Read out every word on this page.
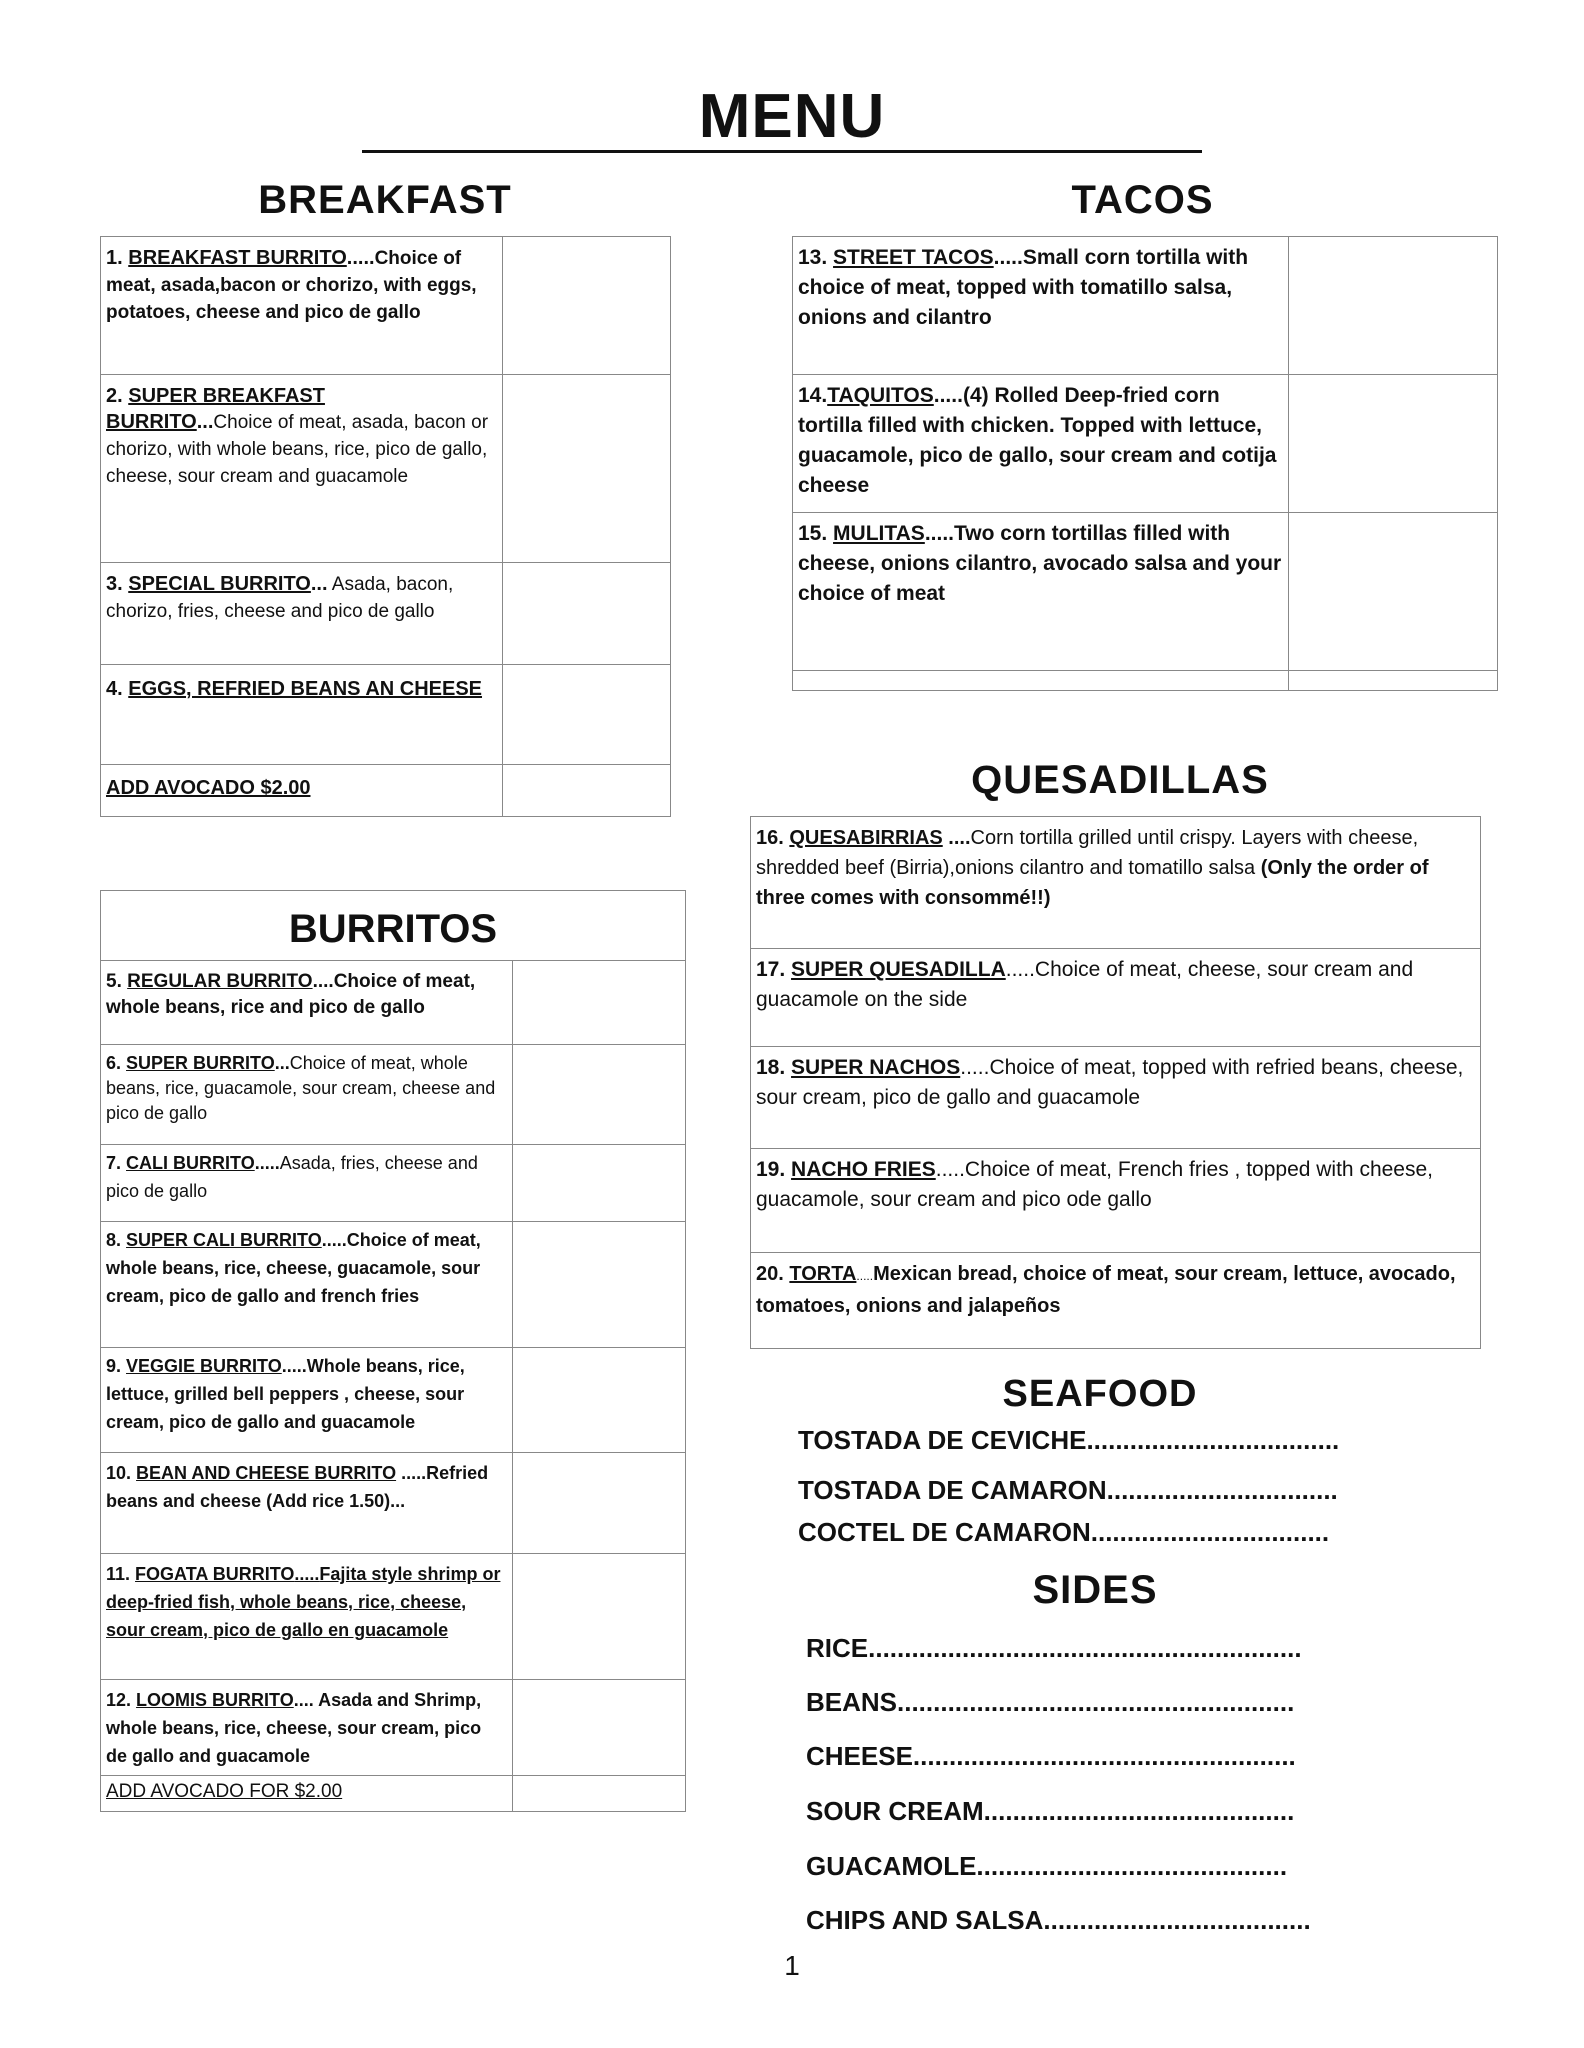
MENU
BREAKFAST
1. BREAKFAST BURRITO.....Choice of meat, asada,bacon or chorizo, with eggs, potatoes, cheese and pico de gallo	
2. SUPER BREAKFAST BURRITO...Choice of meat, asada, bacon or chorizo, with whole beans, rice, pico de gallo, cheese, sour cream and guacamole	
3. SPECIAL BURRITO... Asada, bacon, chorizo, fries, cheese and pico de gallo	
4. EGGS, REFRIED BEANS AN CHEESE	
ADD AVOCADO $2.00	
BURRITOS
5. REGULAR BURRITO....Choice of meat, whole beans, rice and pico de gallo	
6. SUPER BURRITO...Choice of meat, whole beans, rice, guacamole, sour cream, cheese and pico de gallo	
7. CALI BURRITO.....Asada, fries, cheese and pico de gallo	
8. SUPER CALI BURRITO.....Choice of meat, whole beans, rice, cheese, guacamole, sour cream, pico de gallo and french fries	
9. VEGGIE BURRITO.....Whole beans, rice, lettuce, grilled bell peppers , cheese, sour cream, pico de gallo and guacamole	
10. BEAN AND CHEESE BURRITO .....Refried beans and cheese (Add rice 1.50)...	
11. FOGATA BURRITO.....Fajita style shrimp or deep-fried fish, whole beans, rice, cheese, sour cream, pico de gallo en guacamole	
12. LOOMIS BURRITO.... Asada and Shrimp, whole beans, rice, cheese, sour cream, pico de gallo and guacamole	
ADD AVOCADO FOR $2.00	
TACOS
13. STREET TACOS.....Small corn tortilla with choice of meat, topped with tomatillo salsa, onions and cilantro	
14.TAQUITOS.....(4) Rolled Deep-fried corn tortilla filled with chicken. Topped with lettuce, guacamole, pico de gallo, sour cream and cotija cheese	
15. MULITAS.....Two corn tortillas filled with cheese, onions cilantro, avocado salsa and your choice of meat	

QUESADILLAS
16. QUESABIRRIAS ....Corn tortilla grilled until crispy. Layers with cheese, shredded beef (Birria),onions cilantro and tomatillo salsa (Only the order of three comes with consommé!!)
17. SUPER QUESADILLA.....Choice of meat, cheese, sour cream and guacamole on the side
18. SUPER NACHOS.....Choice of meat, topped with refried beans, cheese, sour cream, pico de gallo and guacamole
19. NACHO FRIES.....Choice of meat, French fries , topped with cheese, guacamole, sour cream and pico ode gallo
20. TORTA.....Mexican bread, choice of meat, sour cream, lettuce, avocado, tomatoes, onions and jalapeños
SEAFOOD
TOSTADA DE CEVICHE...................................
TOSTADA DE CAMARON................................
COCTEL DE CAMARON.................................
SIDES
RICE............................................................
BEANS.......................................................
CHEESE.....................................................
SOUR CREAM...........................................
GUACAMOLE...........................................
CHIPS AND SALSA.....................................
1
